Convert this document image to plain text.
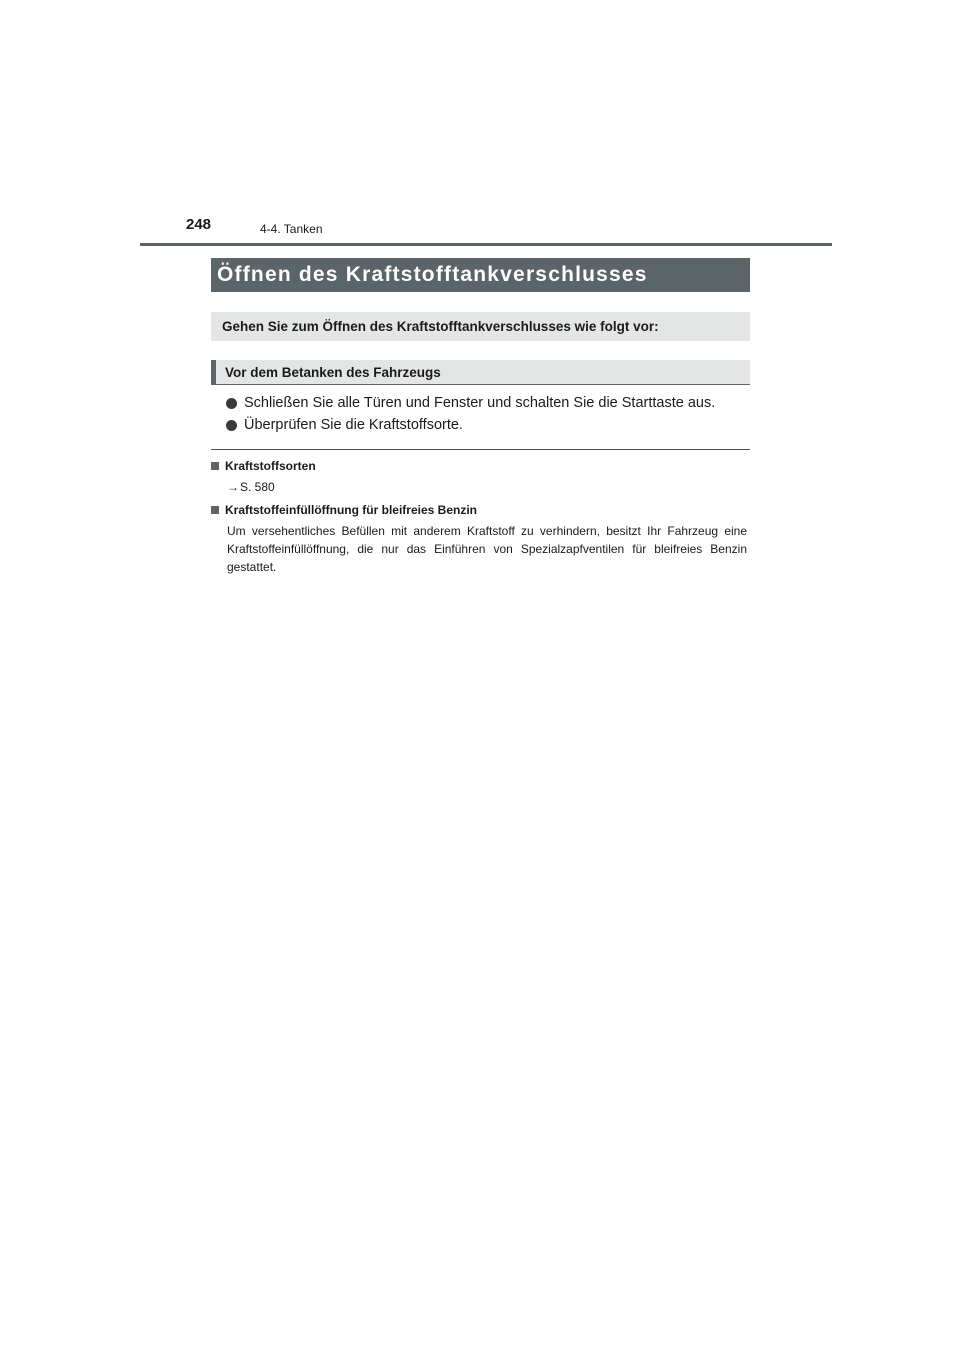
248	4-4. Tanken
Öffnen des Kraftstofftankverschlusses
Gehen Sie zum Öffnen des Kraftstofftankverschlusses wie folgt vor:
Vor dem Betanken des Fahrzeugs
Schließen Sie alle Türen und Fenster und schalten Sie die Starttaste aus.
Überprüfen Sie die Kraftstoffsorte.
Kraftstoffsorten
→ S. 580
Kraftstoffeinfüllöffnung für bleifreies Benzin
Um versehentliches Befüllen mit anderem Kraftstoff zu verhindern, besitzt Ihr Fahrzeug eine Kraftstoffeinfüllöffnung, die nur das Einführen von Spezialzapfventilen für bleifreies Benzin gestattet.
